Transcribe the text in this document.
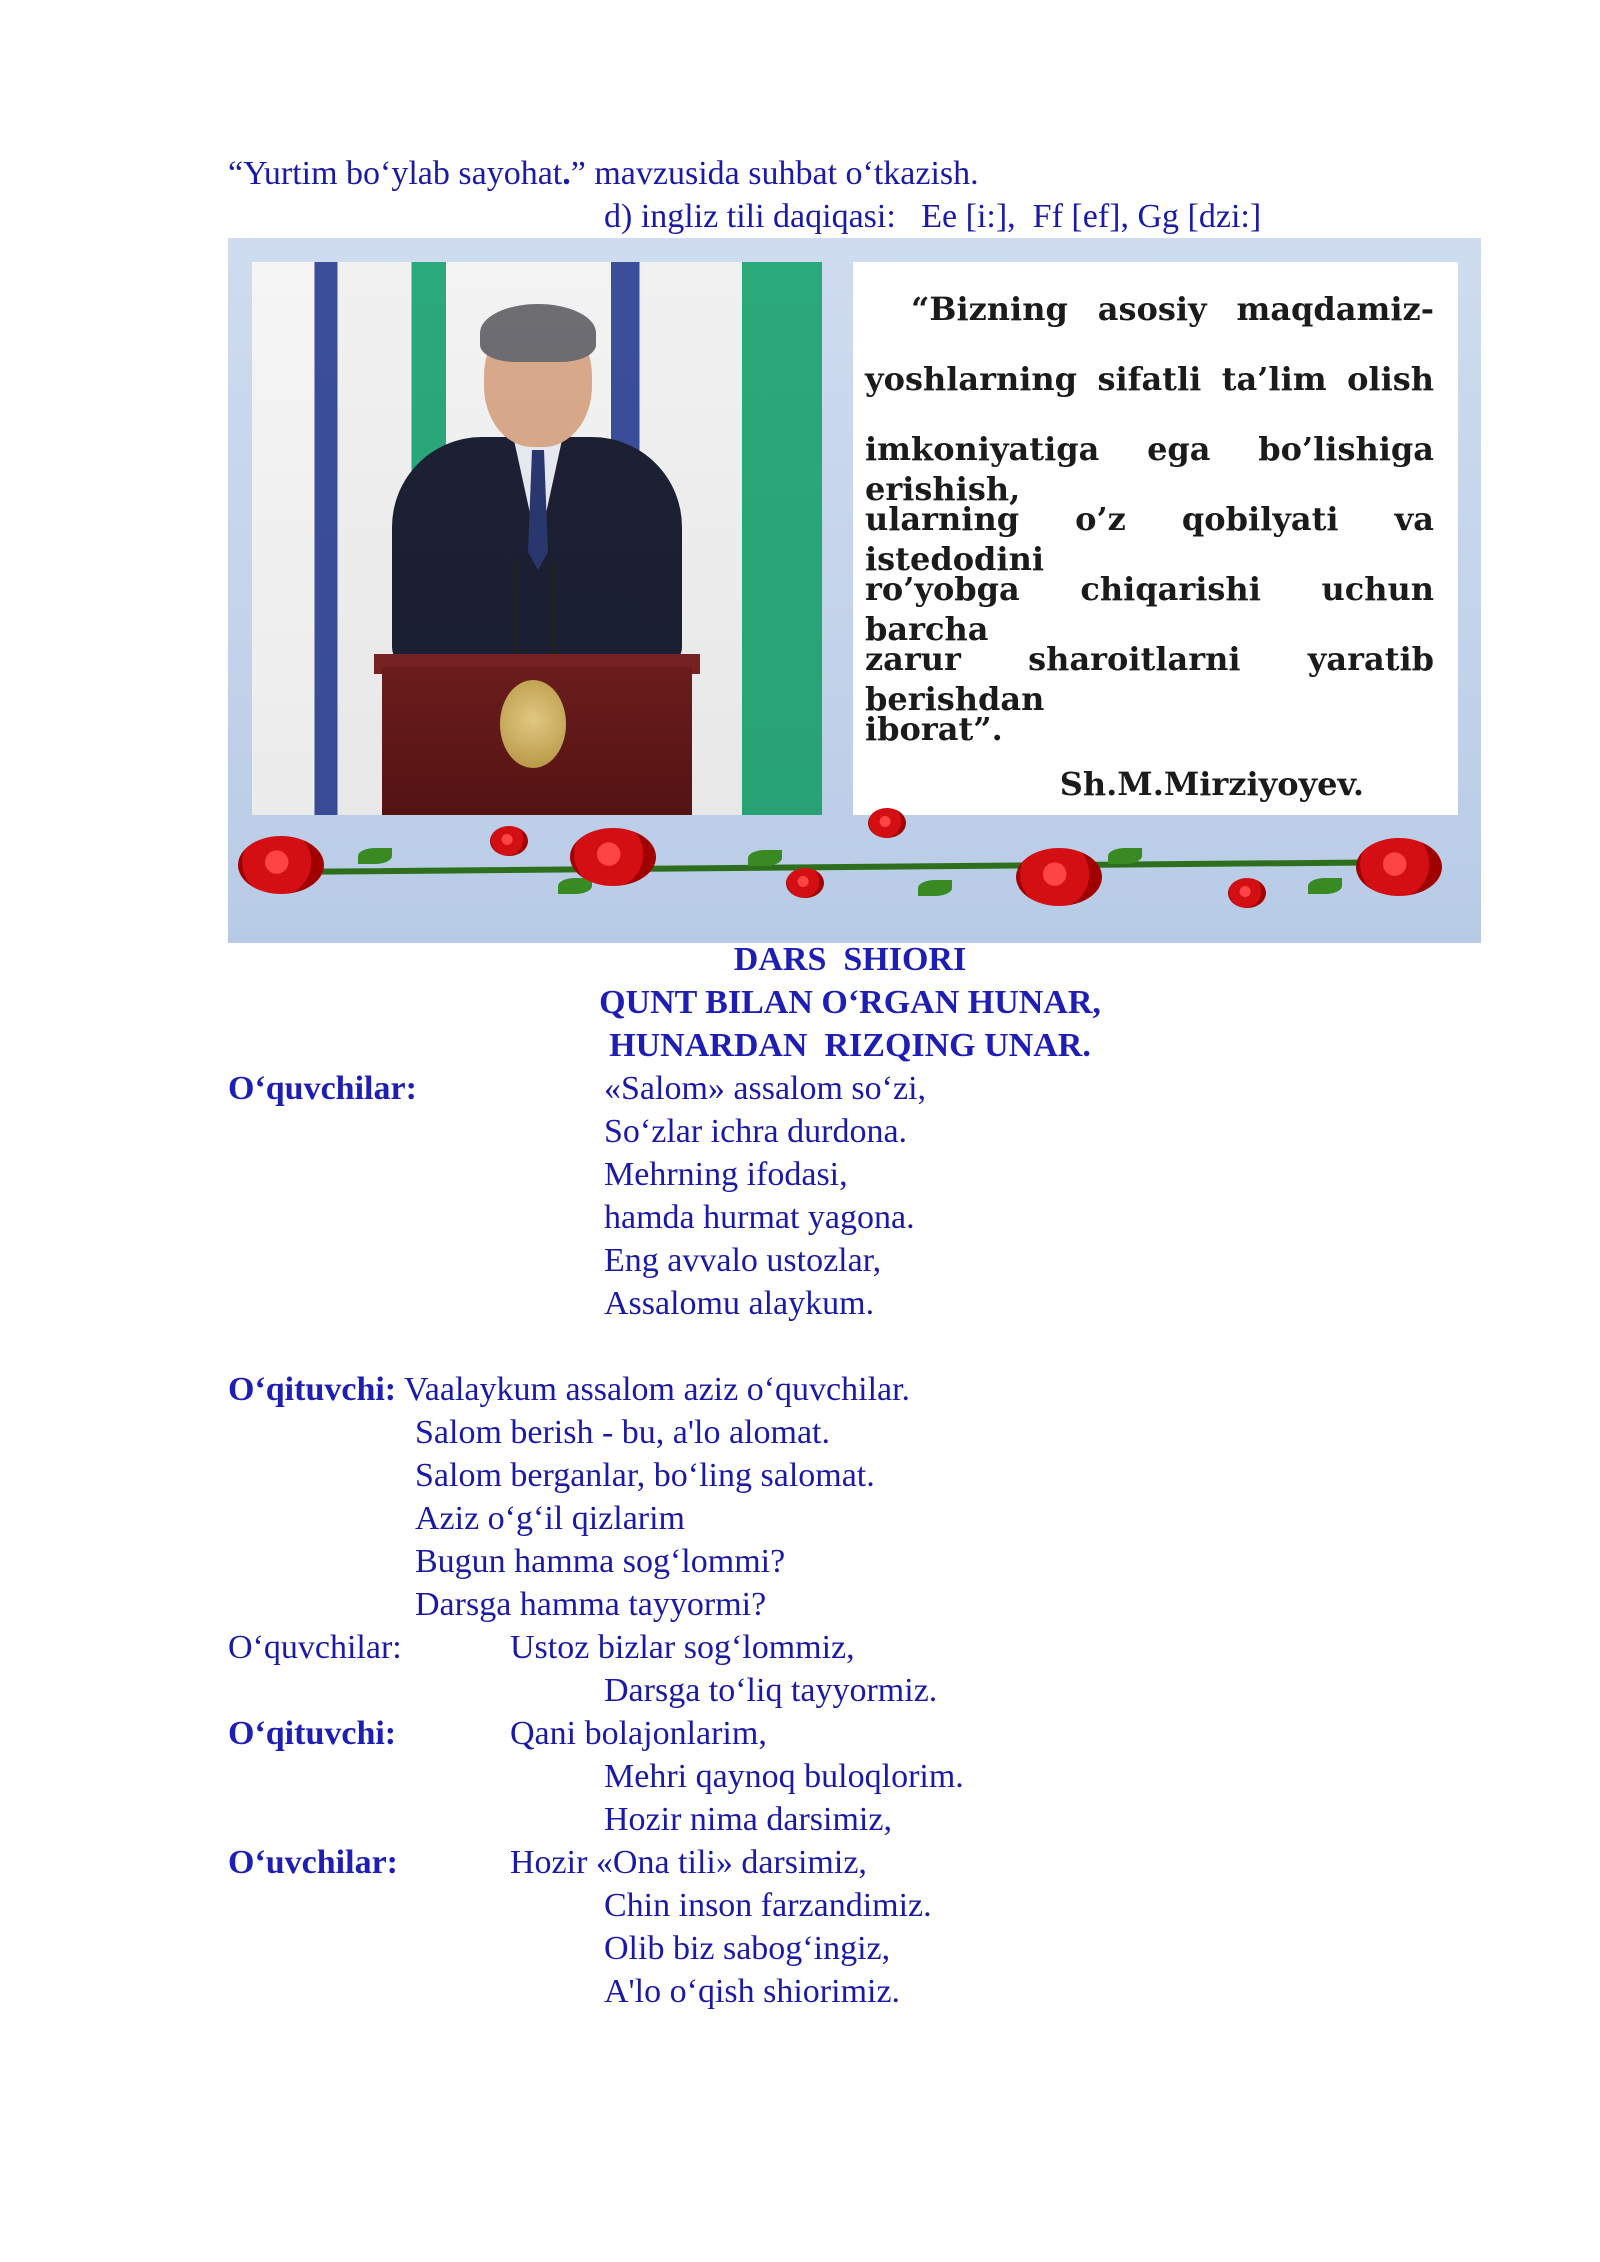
“Yurtim bo‘ylab sayohat.” mavzusida suhbat o‘tkazish.
d) ingliz tili daqiqasi:   Ee [i:],  Ff [ef], Gg [dzi:]
“Bizning asosiy maqdamiz-
yoshlarning sifatli ta’lim olish
imkoniyatiga ega bo’lishiga erishish,
ularning o’z qobilyati va istedodini
ro’yobga chiqarishi uchun barcha
zarur sharoitlarni yaratib berishdan
iborat”.
Sh.M.Mirziyoyev.
DARS  SHIORI
QUNT BILAN O‘RGAN HUNAR,
HUNARDAN  RIZQING UNAR.
O‘quvchilar:	«Salom» assalom so‘zi,
So‘zlar ichra durdona.
Mehrning ifodasi,
hamda hurmat yagona.
Eng avvalo ustozlar,
Assalomu alaykum.
O‘qituvchi: Vaalaykum assalom aziz o‘quvchilar.
Salom berish - bu, a'lo alomat.
Salom berganlar, bo‘ling salomat.
Aziz o‘g‘il qizlarim
Bugun hamma sog‘lommi?
Darsga hamma tayyormi?
O‘quvchilar:	Ustoz bizlar sog‘lommiz,
Darsga to‘liq tayyormiz.
O‘qituvchi:	Qani bolajonlarim,
Mehri qaynoq buloqlorim.
Hozir nima darsimiz,
O‘uvchilar:	Hozir «Ona tili» darsimiz,
Chin inson farzandimiz.
Olib biz sabog‘ingiz,
A'lo o‘qish shiorimiz.
